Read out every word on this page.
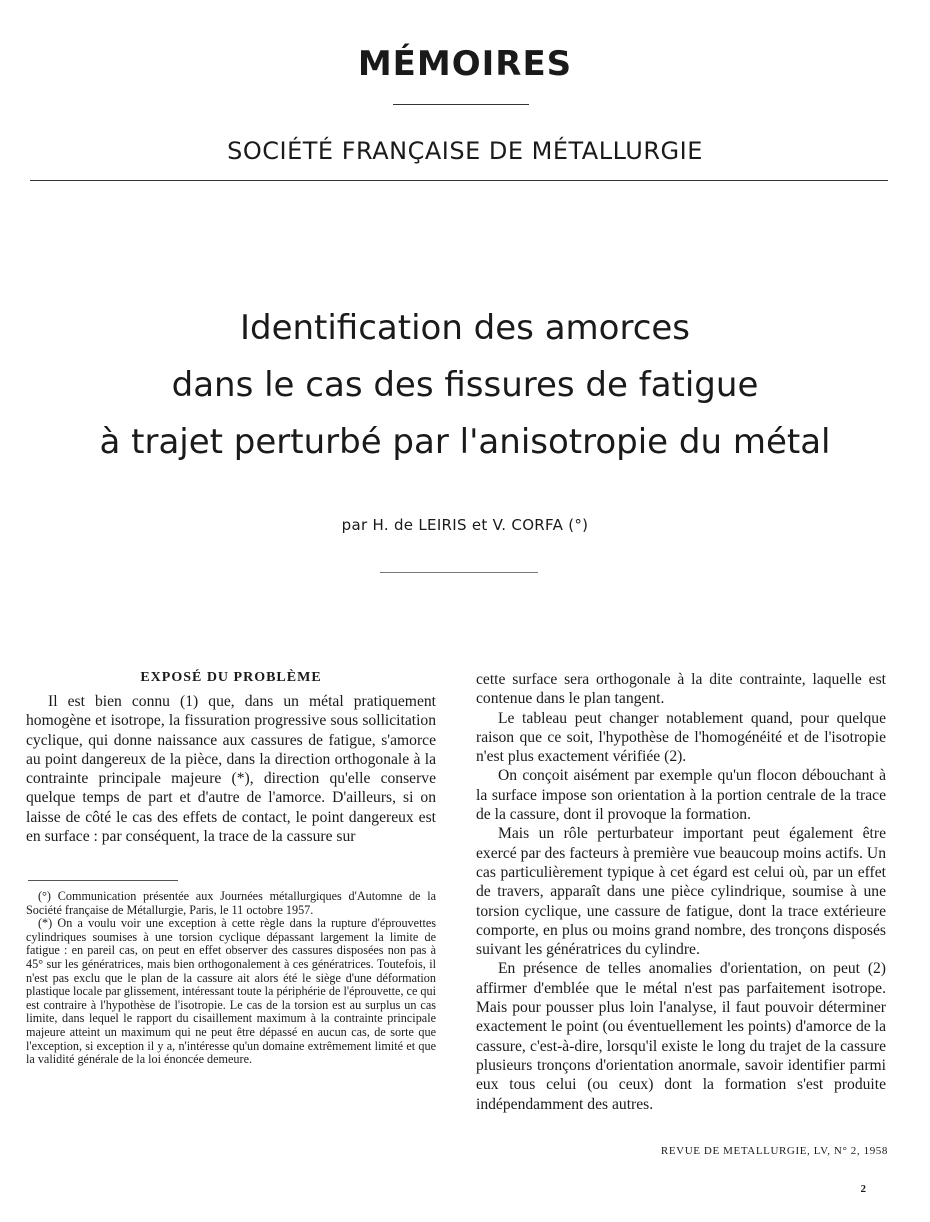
MÉMOIRES
SOCIÉTÉ FRANÇAISE DE MÉTALLURGIE
Identification des amorces
dans le cas des fissures de fatigue
à trajet perturbé par l'anisotropie du métal
par H. de LEIRIS et V. CORFA (°)
EXPOSÉ DU PROBLÈME

Il est bien connu (1) que, dans un métal pratiquement homogène et isotrope, la fissuration progressive sous sollicitation cyclique, qui donne naissance aux cassures de fatigue, s'amorce au point dangereux de la pièce, dans la direction orthogonale à la contrainte principale majeure (*), direction qu'elle conserve quelque temps de part et d'autre de l'amorce. D'ailleurs, si on laisse de côté le cas des effets de contact, le point dangereux est en surface : par conséquent, la trace de la cassure sur

(°) Communication présentée aux Journées métallurgiques d'Automne de la Société française de Métallurgie, Paris, le 11 octobre 1957.

(*) On a voulu voir une exception à cette règle dans la rupture d'éprouvettes cylindriques soumises à une torsion cyclique dépassant largement la limite de fatigue : en pareil cas, on peut en effet observer des cassures disposées non pas à 45° sur les génératrices, mais bien orthogonalement à ces génératrices. Toutefois, il n'est pas exclu que le plan de la cassure ait alors été le siège d'une déformation plastique locale par glissement, intéressant toute la périphérie de l'éprouvette, ce qui est contraire à l'hypothèse de l'isotropie. Le cas de la torsion est au surplus un cas limite, dans lequel le rapport du cisaillement maximum à la contrainte principale majeure atteint un maximum qui ne peut être dépassé en aucun cas, de sorte que l'exception, si exception il y a, n'intéresse qu'un domaine extrêmement limité et que la validité générale de la loi énoncée demeure.

cette surface sera orthogonale à la dite contrainte, laquelle est contenue dans le plan tangent.

Le tableau peut changer notablement quand, pour quelque raison que ce soit, l'hypothèse de l'homogénéité et de l'isotropie n'est plus exactement vérifiée (2).

On conçoit aisément par exemple qu'un flocon débouchant à la surface impose son orientation à la portion centrale de la trace de la cassure, dont il provoque la formation.

Mais un rôle perturbateur important peut également être exercé par des facteurs à première vue beaucoup moins actifs. Un cas particulièrement typique à cet égard est celui où, par un effet de travers, apparaît dans une pièce cylindrique, soumise à une torsion cyclique, une cassure de fatigue, dont la trace extérieure comporte, en plus ou moins grand nombre, des tronçons disposés suivant les génératrices du cylindre.

En présence de telles anomalies d'orientation, on peut (2) affirmer d'emblée que le métal n'est pas parfaitement isotrope. Mais pour pousser plus loin l'analyse, il faut pouvoir déterminer exactement le point (ou éventuellement les points) d'amorce de la cassure, c'est-à-dire, lorsqu'il existe le long du trajet de la cassure plusieurs tronçons d'orientation anormale, savoir identifier parmi eux tous celui (ou ceux) dont la formation s'est produite indépendamment des autres.

REVUE DE METALLURGIE, LV, N° 2, 1958
2
